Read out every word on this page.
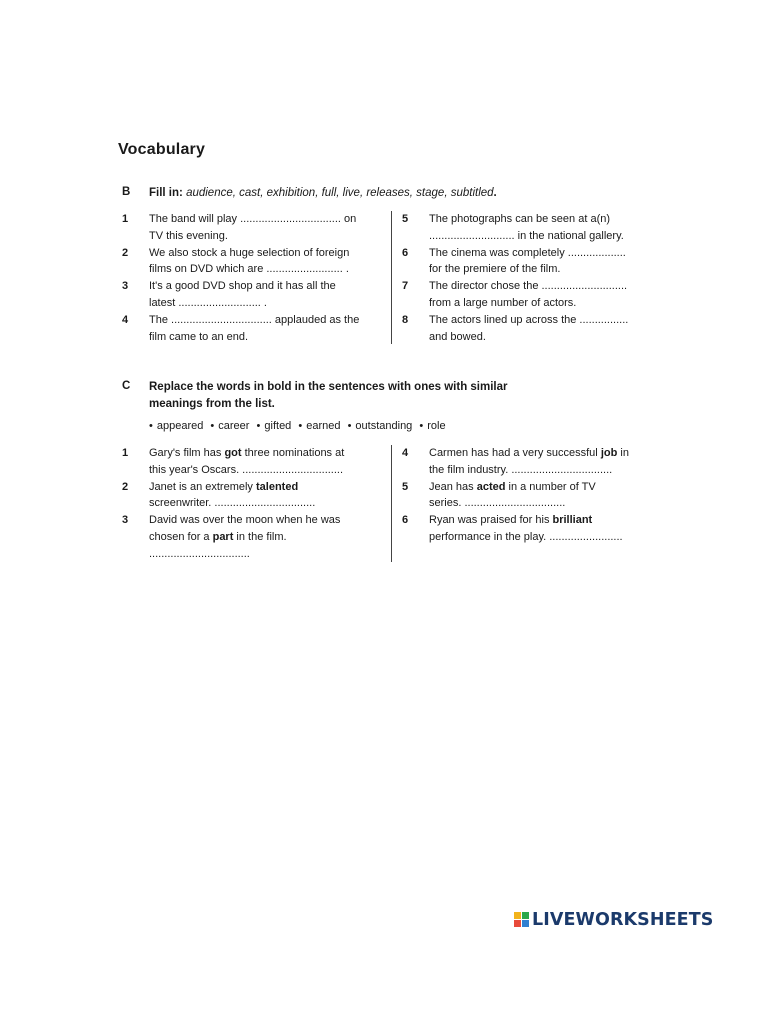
Vocabulary
B Fill in: audience, cast, exhibition, full, live, releases, stage, subtitled.
1 The band will play ................................. on
TV this evening.
2 We also stock a huge selection of foreign
films on DVD which are ......................... .
3 It's a good DVD shop and it has all the
latest ........................... .
4 The ................................. applauded as the
film came to an end.
5 The photographs can be seen at a(n)
............................ in the national gallery.
6 The cinema was completely ...................
for the premiere of the film.
7 The director chose the ............................
from a large number of actors.
8 The actors lined up across the ................
and bowed.
C Replace the words in bold in the sentences with ones with similar
meanings from the list.
• appeared • career • gifted • earned • outstanding • role
1 Gary's film has got three nominations at
this year's Oscars. .................................
2 Janet is an extremely talented
screenwriter. .................................
3 David was over the moon when he was
chosen for a part in the film.
.................................
4 Carmen has had a very successful job in
the film industry. .................................
5 Jean has acted in a number of TV
series. .................................
6 Ryan was praised for his brilliant
performance in the play. ........................
LIVEWORKSHEETS
